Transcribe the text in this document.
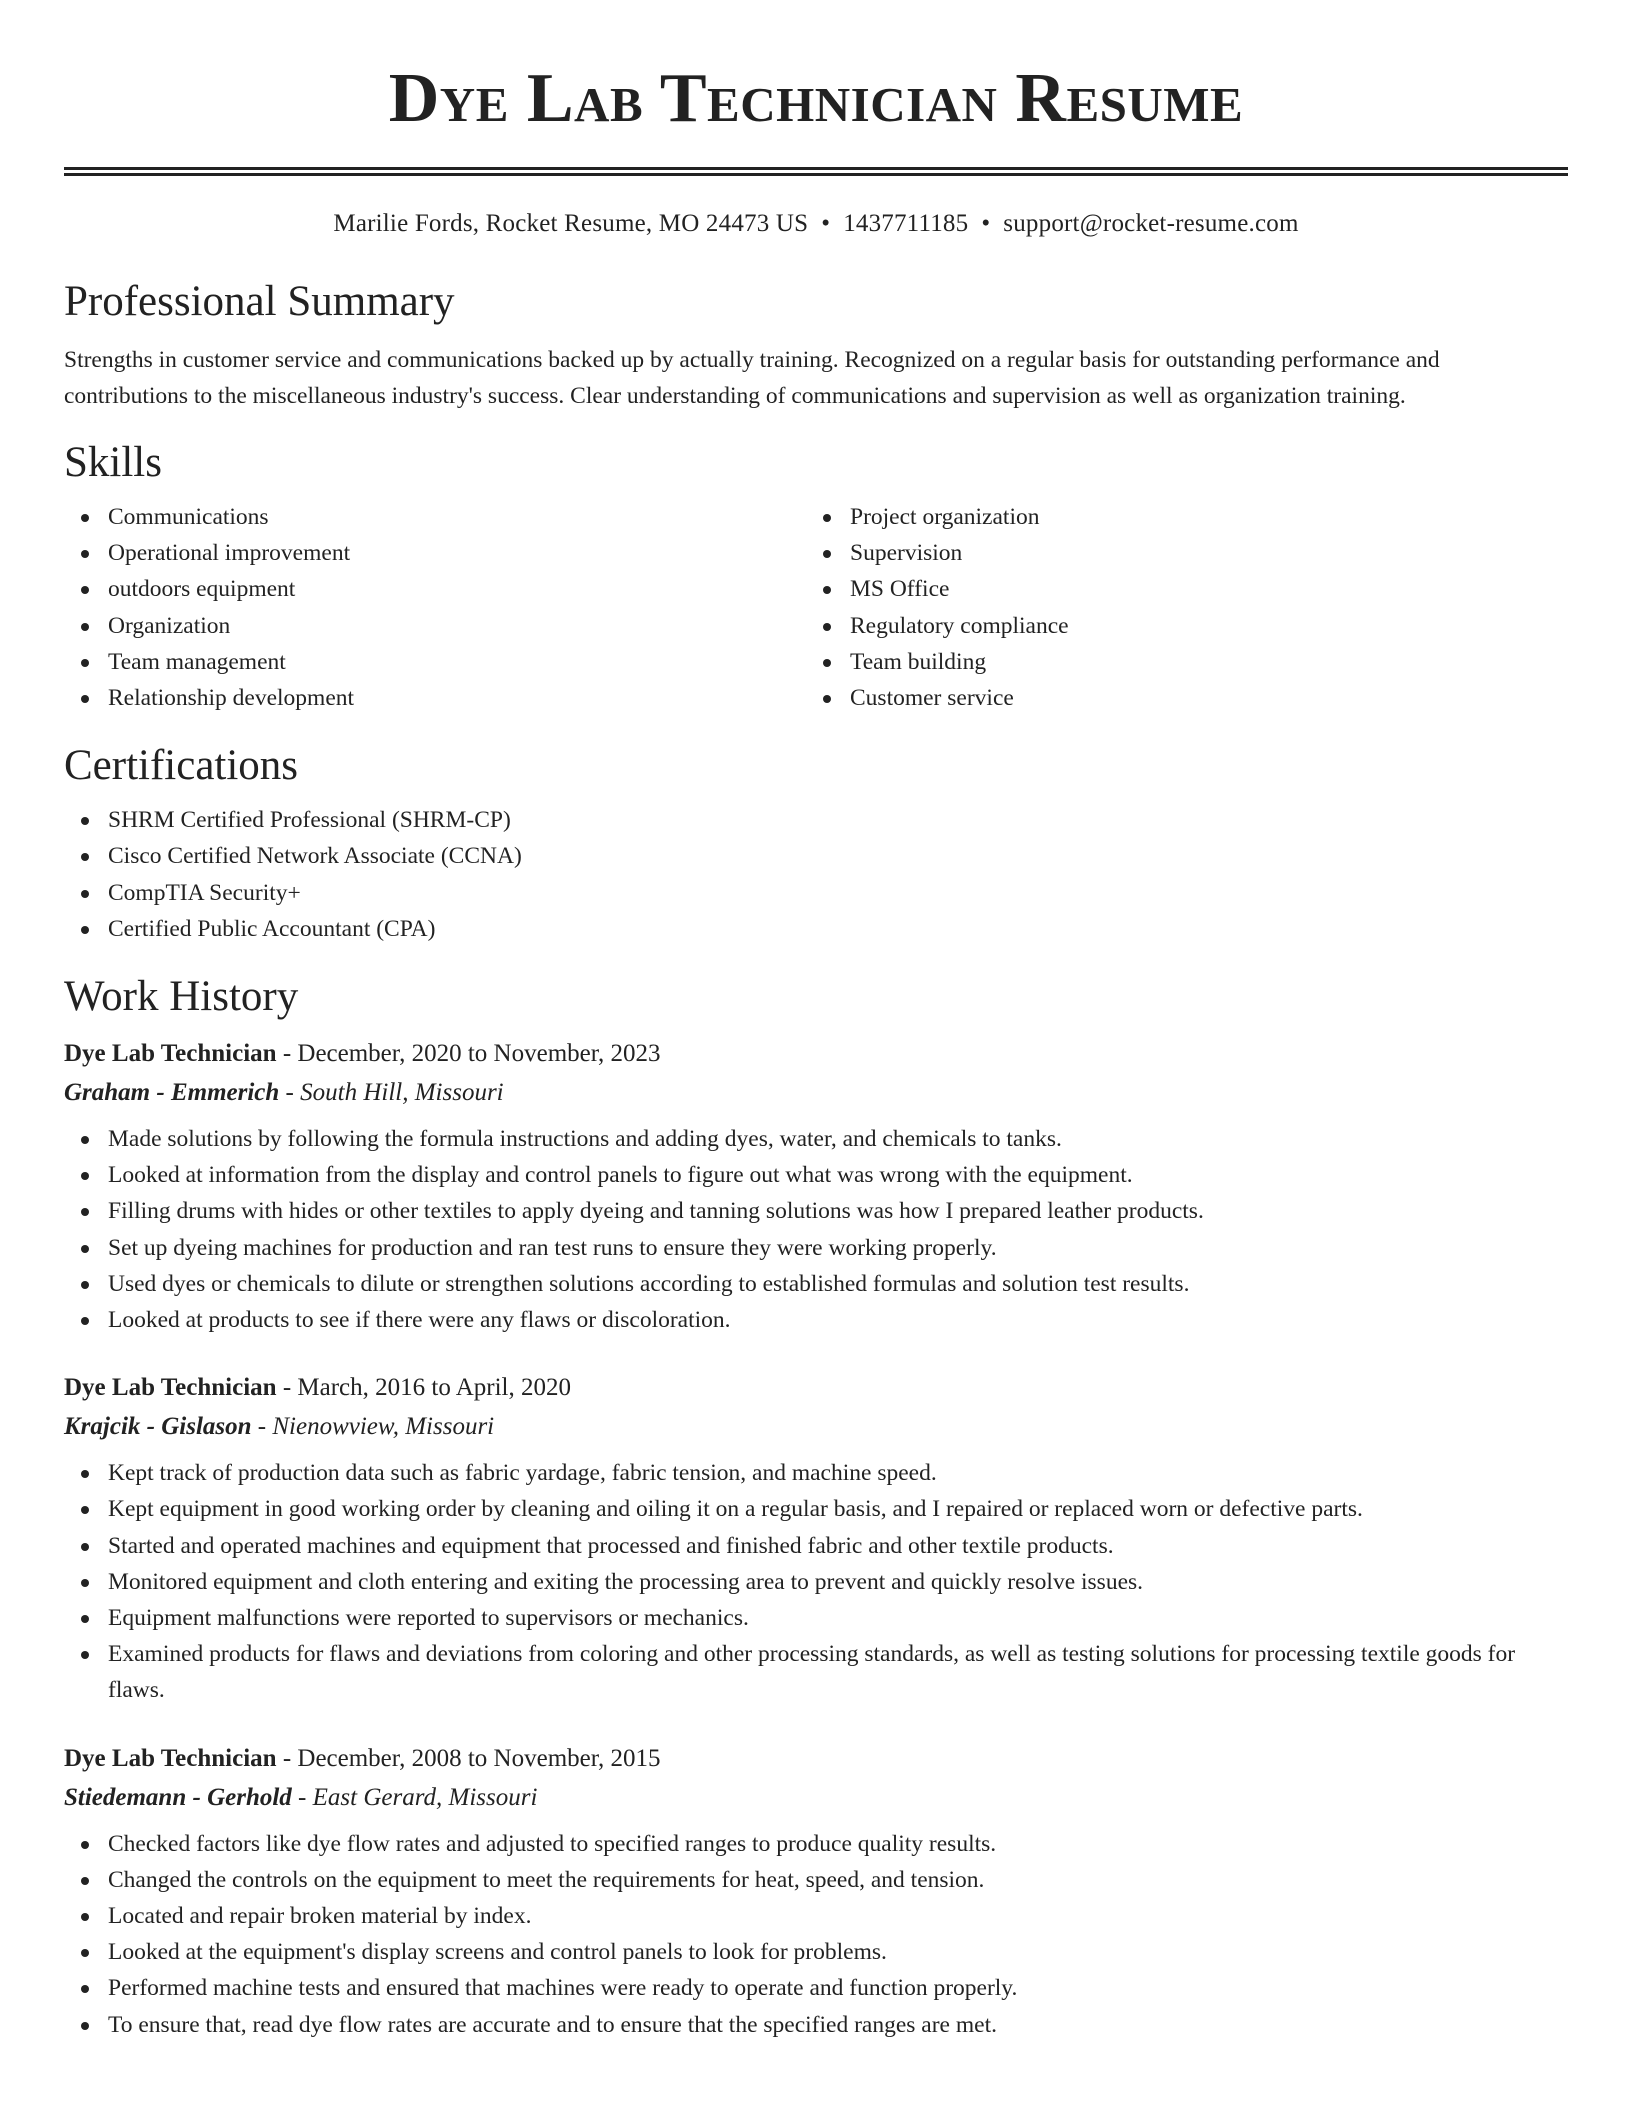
Dye Lab Technician Resume
Marilie Fords, Rocket Resume, MO 24473 US • 1437711185 • support@rocket-resume.com
Professional Summary

Strengths in customer service and communications backed up by actually training. Recognized on a regular basis for outstanding performance and contributions to the miscellaneous industry's success. Clear understanding of communications and supervision as well as organization training.

Skills
Communications
Operational improvement
outdoors equipment
Organization
Team management
Relationship development
Project organization
Supervision
MS Office
Regulatory compliance
Team building
Customer service
Certifications
SHRM Certified Professional (SHRM-CP)
Cisco Certified Network Associate (CCNA)
CompTIA Security+
Certified Public Accountant (CPA)
Work History
Dye Lab Technician - December, 2020 to November, 2023
Graham - Emmerich - South Hill, Missouri
Made solutions by following the formula instructions and adding dyes, water, and chemicals to tanks.
Looked at information from the display and control panels to figure out what was wrong with the equipment.
Filling drums with hides or other textiles to apply dyeing and tanning solutions was how I prepared leather products.
Set up dyeing machines for production and ran test runs to ensure they were working properly.
Used dyes or chemicals to dilute or strengthen solutions according to established formulas and solution test results.
Looked at products to see if there were any flaws or discoloration.
Dye Lab Technician - March, 2016 to April, 2020
Krajcik - Gislason - Nienowview, Missouri
Kept track of production data such as fabric yardage, fabric tension, and machine speed.
Kept equipment in good working order by cleaning and oiling it on a regular basis, and I repaired or replaced worn or defective parts.
Started and operated machines and equipment that processed and finished fabric and other textile products.
Monitored equipment and cloth entering and exiting the processing area to prevent and quickly resolve issues.
Equipment malfunctions were reported to supervisors or mechanics.
Examined products for flaws and deviations from coloring and other processing standards, as well as testing solutions for processing textile goods for flaws.
Dye Lab Technician - December, 2008 to November, 2015
Stiedemann - Gerhold - East Gerard, Missouri
Checked factors like dye flow rates and adjusted to specified ranges to produce quality results.
Changed the controls on the equipment to meet the requirements for heat, speed, and tension.
Located and repair broken material by index.
Looked at the equipment's display screens and control panels to look for problems.
Performed machine tests and ensured that machines were ready to operate and function properly.
To ensure that, read dye flow rates are accurate and to ensure that the specified ranges are met.
